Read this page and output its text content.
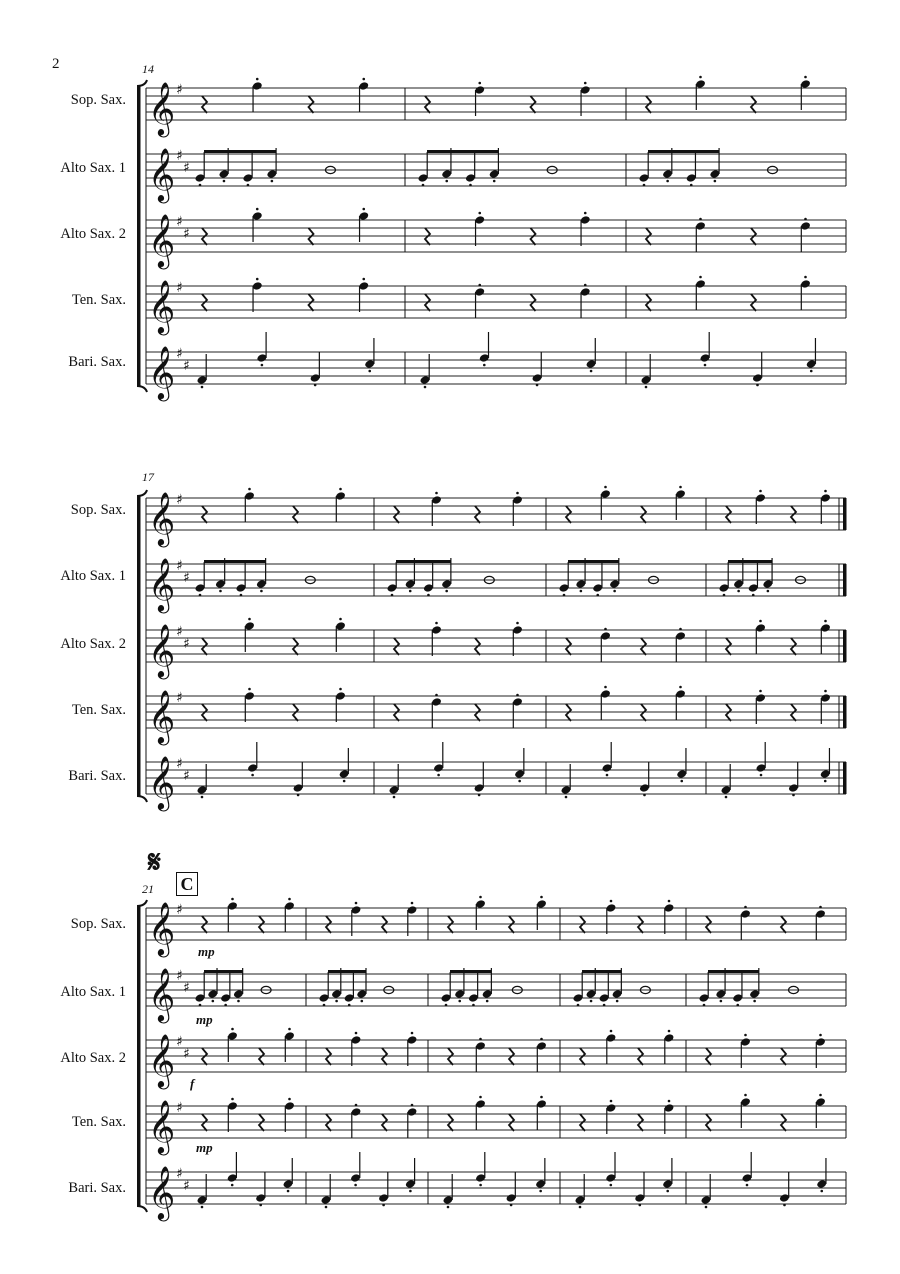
2	14
Sop. Sax.
Alto Sax. 1
Alto Sax. 2
Ten. Sax.
Bari. Sax.
17
Sop. Sax.
Alto Sax. 1
Alto Sax. 2
Ten. Sax.
Bari. Sax.
𝄋
C
21
Sop. Sax.
Alto Sax. 1
Alto Sax. 2
Ten. Sax.
Bari. Sax.
mp
mp
f
mp
𝄞 ♯
𝄞 ♯
♯
𝄞 ♯
♯
𝄞 ♯
𝄞 ♯
♯
𝄞 ♯
𝄞 ♯
♯
𝄞 ♯
♯
𝄞 ♯
𝄞 ♯
♯
𝄞 ♯
𝄞 ♯
♯
𝄞 ♯
♯
𝄞 ♯
𝄞 ♯
♯
